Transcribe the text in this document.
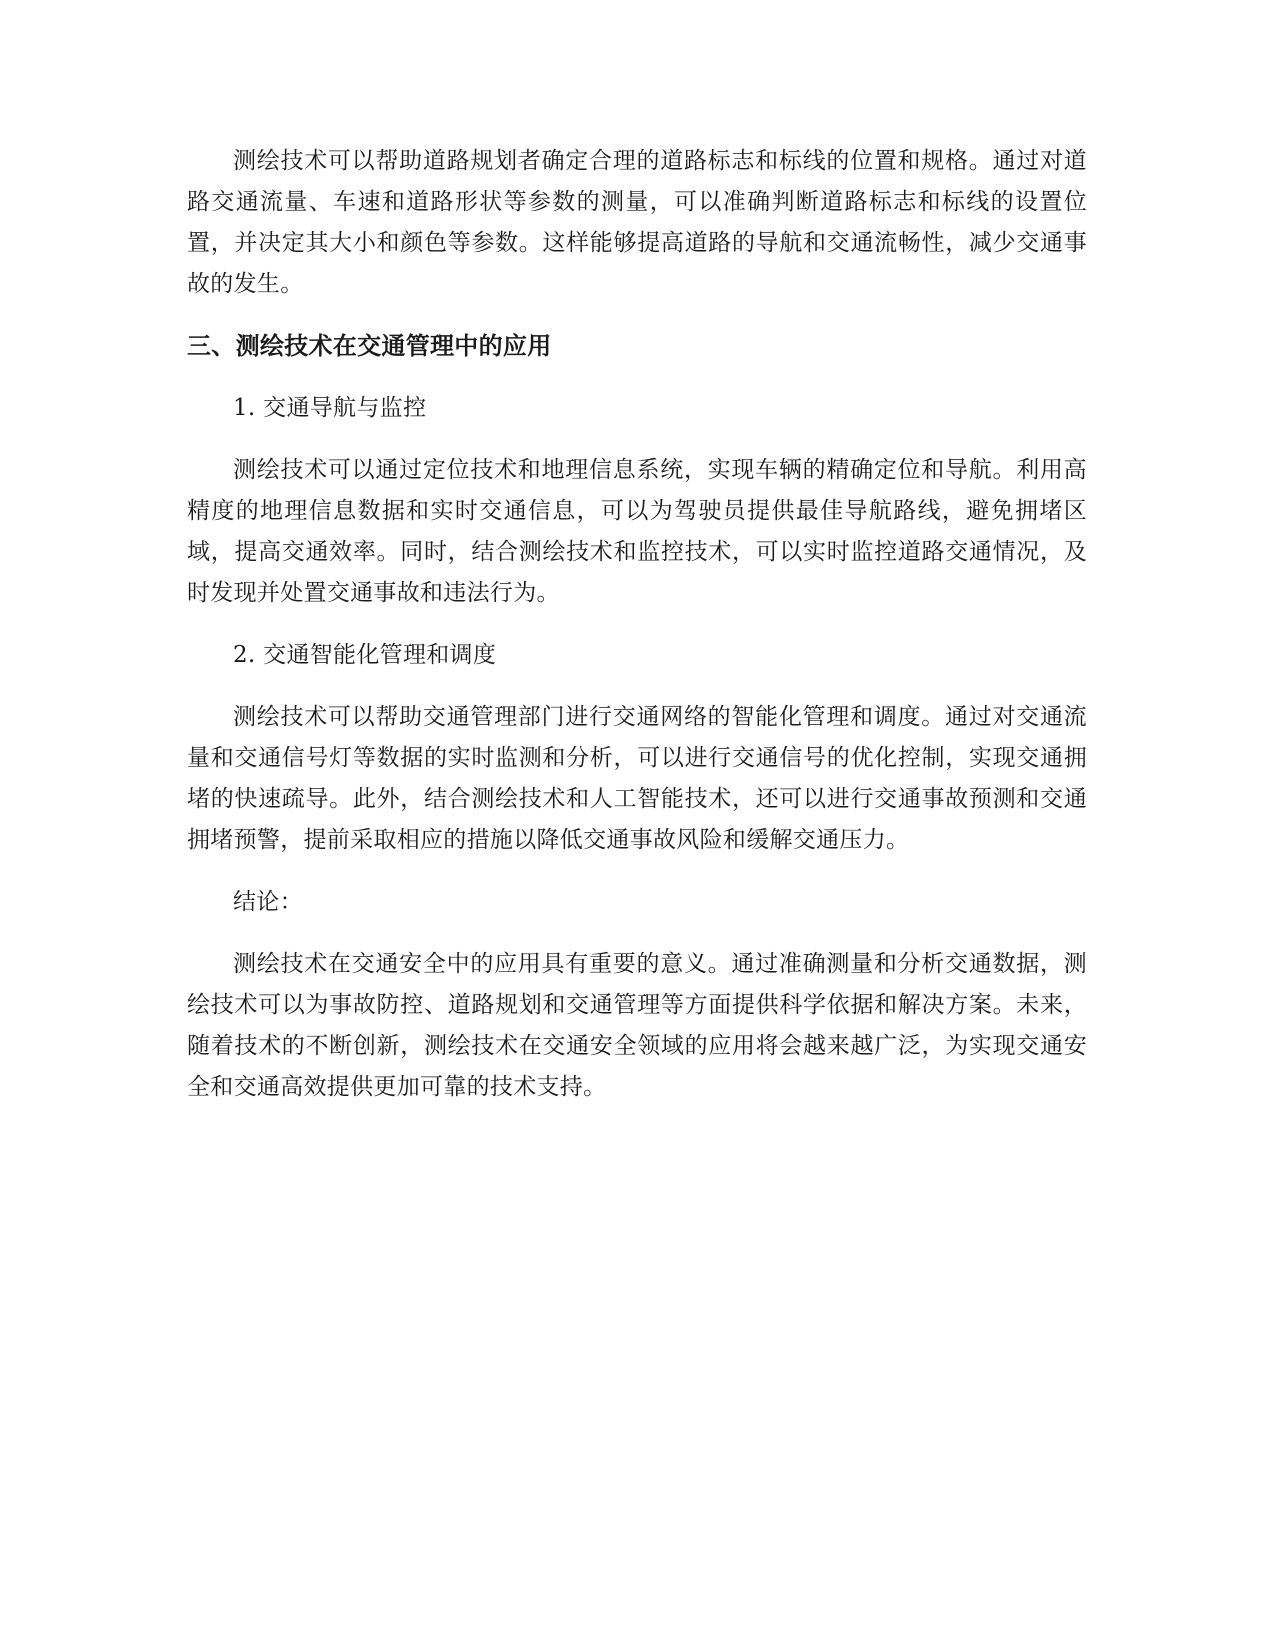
测绘技术可以帮助道路规划者确定合理的道路标志和标线的位置和规格。通过对道路交通流量、车速和道路形状等参数的测量，可以准确判断道路标志和标线的设置位置，并决定其大小和颜色等参数。这样能够提高道路的导航和交通流畅性，减少交通事故的发生。

三、测绘技术在交通管理中的应用

1. 交通导航与监控

测绘技术可以通过定位技术和地理信息系统，实现车辆的精确定位和导航。利用高精度的地理信息数据和实时交通信息，可以为驾驶员提供最佳导航路线，避免拥堵区域，提高交通效率。同时，结合测绘技术和监控技术，可以实时监控道路交通情况，及时发现并处置交通事故和违法行为。

2. 交通智能化管理和调度

测绘技术可以帮助交通管理部门进行交通网络的智能化管理和调度。通过对交通流量和交通信号灯等数据的实时监测和分析，可以进行交通信号的优化控制，实现交通拥堵的快速疏导。此外，结合测绘技术和人工智能技术，还可以进行交通事故预测和交通拥堵预警，提前采取相应的措施以降低交通事故风险和缓解交通压力。

结论：

测绘技术在交通安全中的应用具有重要的意义。通过准确测量和分析交通数据，测绘技术可以为事故防控、道路规划和交通管理等方面提供科学依据和解决方案。未来，随着技术的不断创新，测绘技术在交通安全领域的应用将会越来越广泛，为实现交通安全和交通高效提供更加可靠的技术支持。
